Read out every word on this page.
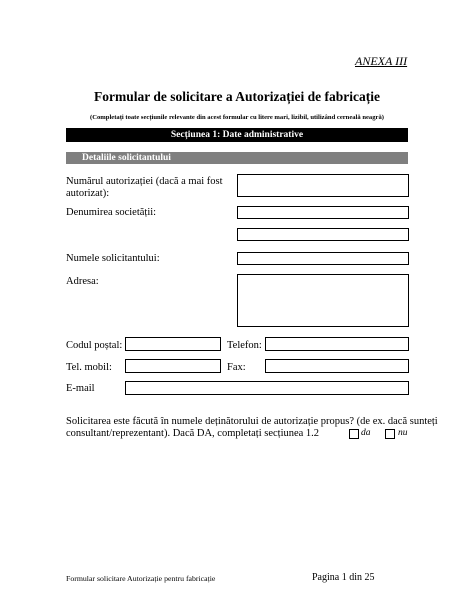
ANEXA III
Formular de solicitare a Autorizației de fabricație
(Completați toate secțiunile relevante din acest formular cu litere mari, lizibil, utilizând cerneală neagră)
Secțiunea 1: Date administrative
Detaliile solicitantului
Numărul autorizației (dacă a mai fost autorizat):
Denumirea societății:
Numele solicitantului:
Adresa:
Codul poștal:	Telefon:
Tel. mobil:	Fax:
E-mail
Solicitarea este făcută în numele deținătorului de autorizație propus? (de ex. dacă sunteți
consultant/reprezentant). Dacă DA, completați secțiunea 1.2	da	nu
Formular solicitare Autorizație pentru fabricație	Pagina 1 din 25
